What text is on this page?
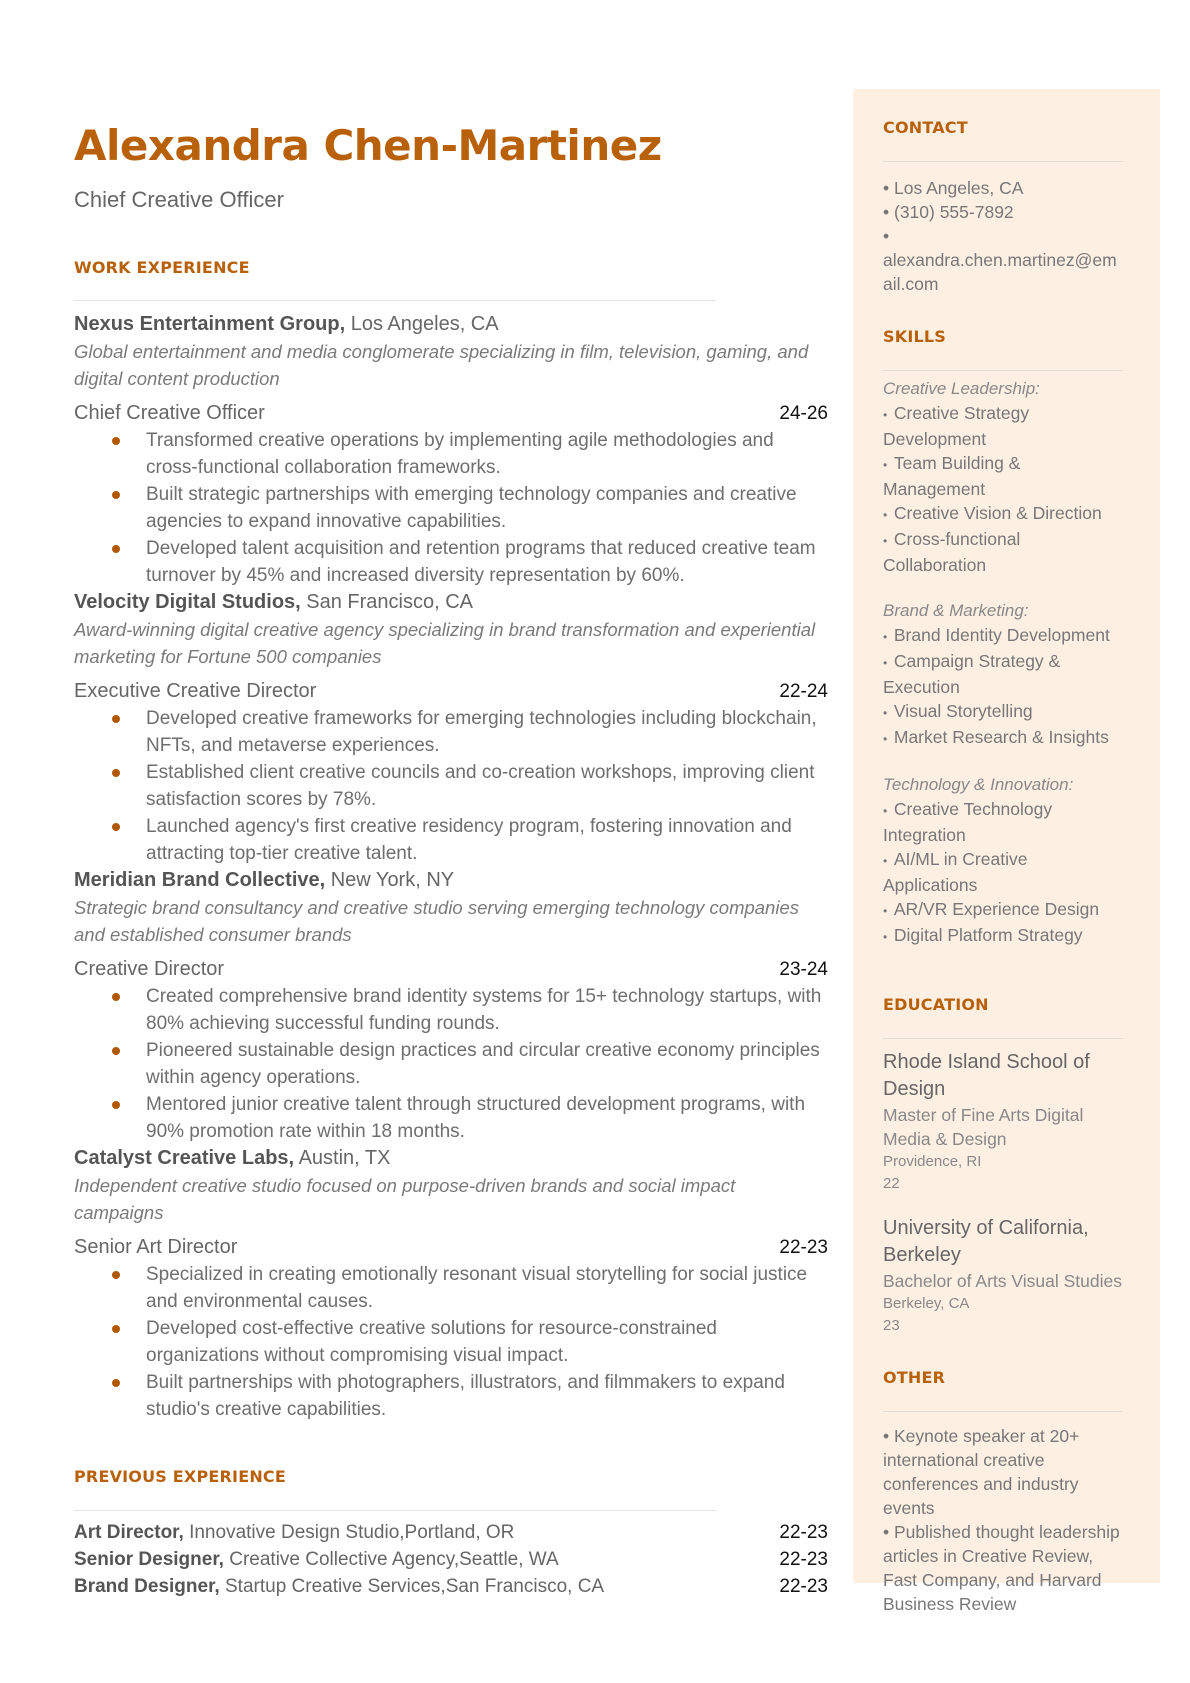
Alexandra Chen-Martinez
Chief Creative Officer
WORK EXPERIENCE
Nexus Entertainment Group, Los Angeles, CA
Global entertainment and media conglomerate specializing in film, television, gaming, and digital content production
Chief Creative Officer	24-26
Transformed creative operations by implementing agile methodologies and cross-functional collaboration frameworks.
Built strategic partnerships with emerging technology companies and creative agencies to expand innovative capabilities.
Developed talent acquisition and retention programs that reduced creative team turnover by 45% and increased diversity representation by 60%.
Velocity Digital Studios, San Francisco, CA
Award-winning digital creative agency specializing in brand transformation and experiential marketing for Fortune 500 companies
Executive Creative Director	22-24
Developed creative frameworks for emerging technologies including blockchain, NFTs, and metaverse experiences.
Established client creative councils and co-creation workshops, improving client satisfaction scores by 78%.
Launched agency's first creative residency program, fostering innovation and attracting top-tier creative talent.
Meridian Brand Collective, New York, NY
Strategic brand consultancy and creative studio serving emerging technology companies and established consumer brands
Creative Director	23-24
Created comprehensive brand identity systems for 15+ technology startups, with 80% achieving successful funding rounds.
Pioneered sustainable design practices and circular creative economy principles within agency operations.
Mentored junior creative talent through structured development programs, with 90% promotion rate within 18 months.
Catalyst Creative Labs, Austin, TX
Independent creative studio focused on purpose-driven brands and social impact campaigns
Senior Art Director	22-23
Specialized in creating emotionally resonant visual storytelling for social justice and environmental causes.
Developed cost-effective creative solutions for resource-constrained organizations without compromising visual impact.
Built partnerships with photographers, illustrators, and filmmakers to expand studio's creative capabilities.
PREVIOUS EXPERIENCE
Art Director, Innovative Design Studio,Portland, OR	22-23
Senior Designer, Creative Collective Agency,Seattle, WA	22-23
Brand Designer, Startup Creative Services,San Francisco, CA	22-23
CONTACT
• Los Angeles, CA
• (310) 555-7892
•
alexandra.chen.martinez@email.com
SKILLS
Creative Leadership:
•  Creative Strategy Development
•  Team Building & Management
•  Creative Vision & Direction
•  Cross-functional Collaboration
Brand & Marketing:
•  Brand Identity Development
•  Campaign Strategy & Execution
•  Visual Storytelling
•  Market Research & Insights
Technology & Innovation:
•  Creative Technology Integration
•  AI/ML in Creative Applications
•  AR/VR Experience Design
•  Digital Platform Strategy
EDUCATION
Rhode Island School of Design
Master of Fine Arts Digital Media & Design
Providence, RI
22
University of California, Berkeley
Bachelor of Arts Visual Studies
Berkeley, CA
23
OTHER
• Keynote speaker at 20+ international creative conferences and industry events
• Published thought leadership articles in Creative Review, Fast Company, and Harvard Business Review
